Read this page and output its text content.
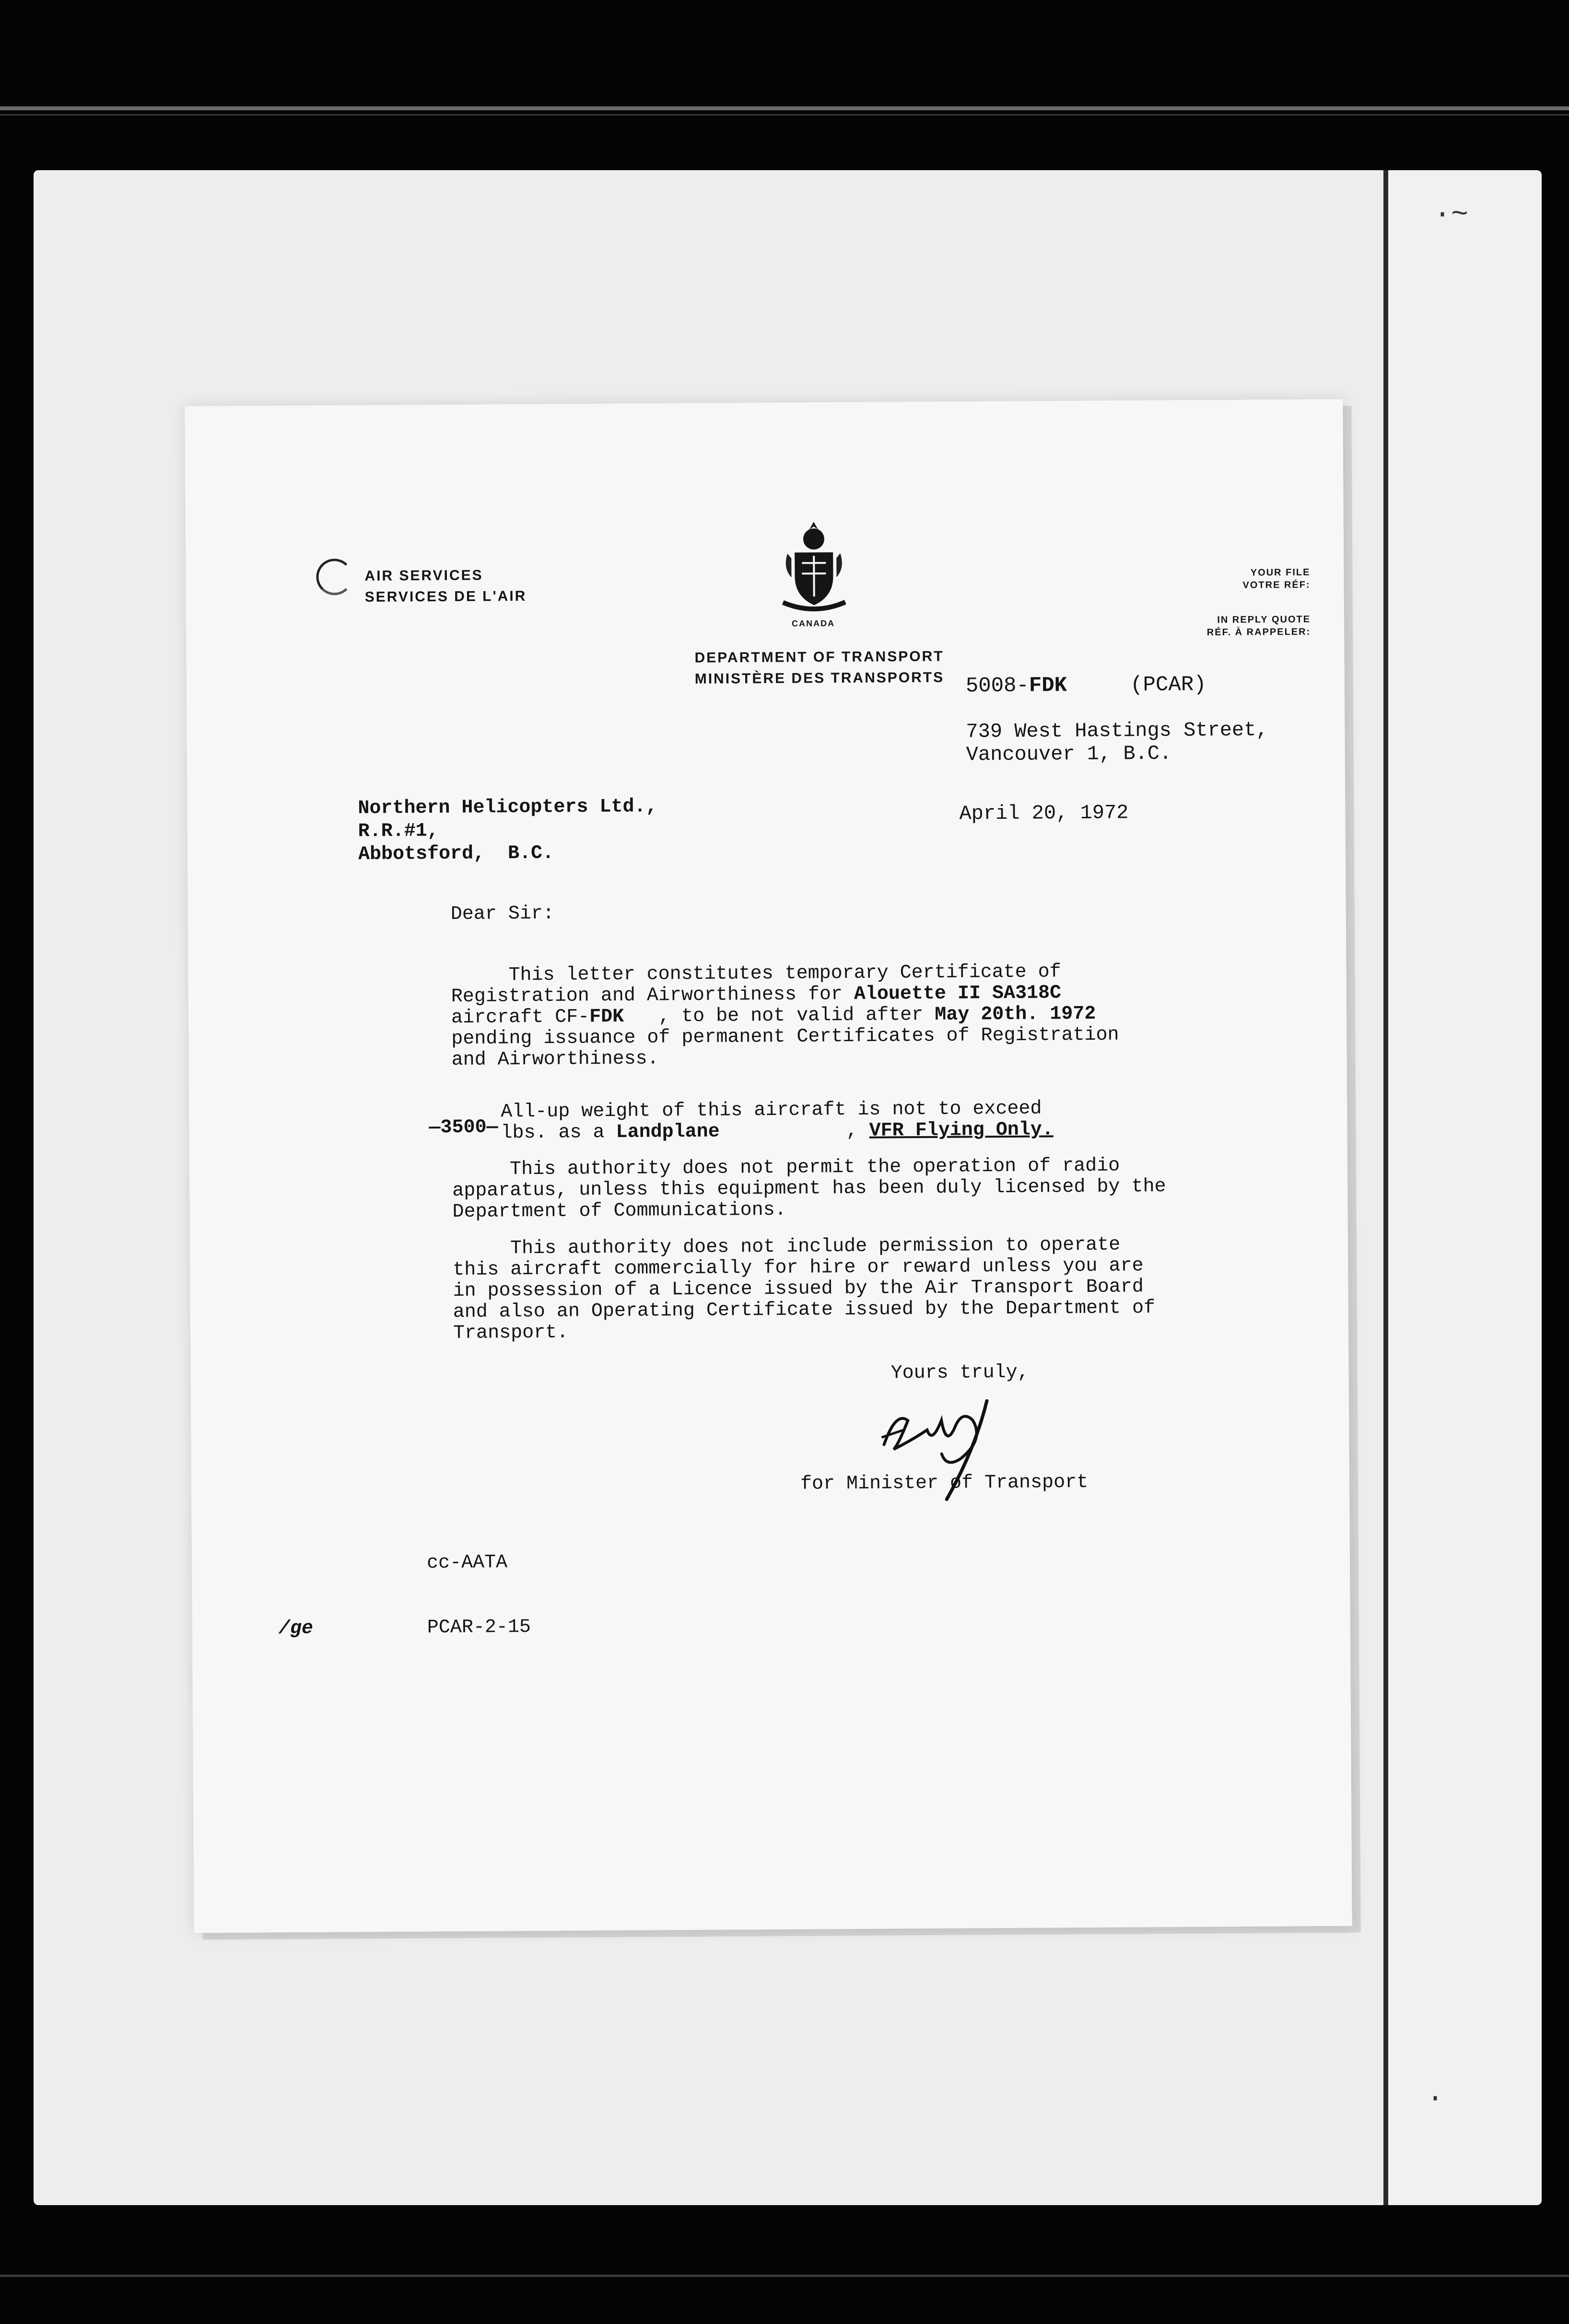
·~
·

AIR SERVICES
SERVICES DE L'AIR

CANADA

DEPARTMENT OF TRANSPORT
MINISTÈRE DES TRANSPORTS

YOUR FILE
VOTRE RÉF:

IN REPLY QUOTE
RÉF. À RAPPELER:

5008-FDK	(PCAR)

739 West Hastings Street,
Vancouver 1, B.C.

April 20, 1972

Northern Helicopters Ltd.,
R.R.#1,
Abbotsford, B.C.

Dear Sir:

This letter constitutes temporary Certificate of
Registration and Airworthiness for Alouette II SA318C
aircraft CF-FDK , to be not valid after May 20th. 1972
pending issuance of permanent Certificates of Registration
and Airworthiness.

—3500—

All-up weight of this aircraft is not to exceed
lbs. as a Landplane	, VFR Flying Only.

This authority does not permit the operation of radio
apparatus, unless this equipment has been duly licensed by the
Department of Communications.

This authority does not include permission to operate
this aircraft commercially for hire or reward unless you are
in possession of a Licence issued by the Air Transport Board
and also an Operating Certificate issued by the Department of
Transport.

Yours truly,

for Minister of Transport

cc-AATA

/ge	PCAR-2-15
